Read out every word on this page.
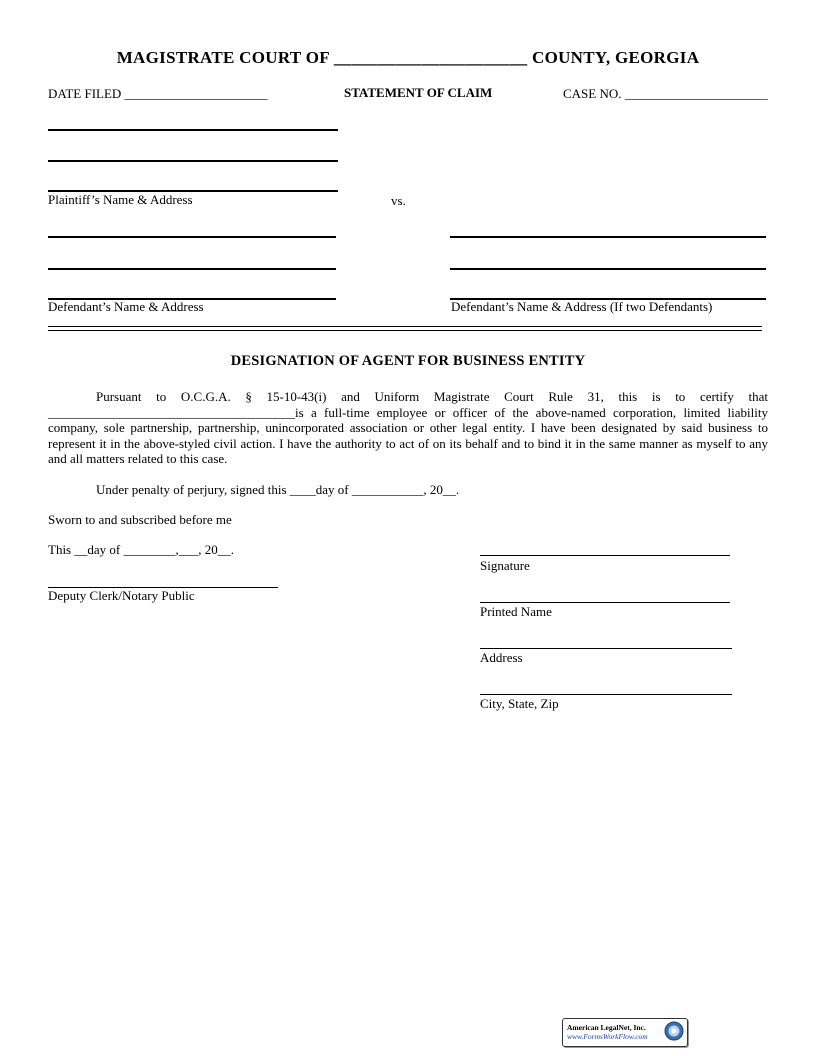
MAGISTRATE COURT OF ______________________ COUNTY, GEORGIA
DATE FILED ______________________	STATEMENT OF CLAIM	CASE NO. ______________________
Plaintiff’s Name & Address	vs.
Defendant’s Name & Address	Defendant’s Name & Address (If two Defendants)
DESIGNATION OF AGENT FOR BUSINESS ENTITY
Pursuant to O.C.G.A. § 15-10-43(i) and Uniform Magistrate Court Rule 31, this is to certify that ______________________________________is a full-time employee or officer of the above-named corporation, limited liability company, sole partnership, partnership, unincorporated association or other legal entity. I have been designated by said business to represent it in the above-styled civil action. I have the authority to act of on its behalf and to bind it in the same manner as myself to any and all matters related to this case.
Under penalty of perjury, signed this ____day of ___________, 20__.
Sworn to and subscribed before me
This __day of ________,___, 20__.
Deputy Clerk/Notary Public
Signature
Printed Name
Address
City, State, Zip
American LegalNet, Inc.
www.FormsWorkFlow.com
